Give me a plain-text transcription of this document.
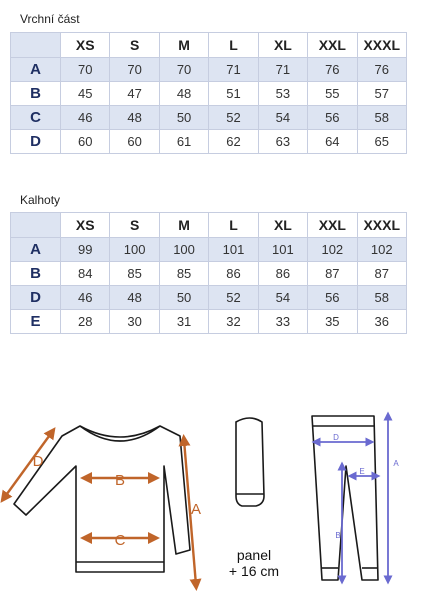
Vrchní část
	XS	S	M	L	XL	XXL	XXXL
A	70	70	70	71	71	76	76
B	45	47	48	51	53	55	57
C	46	48	50	52	54	56	58
D	60	60	61	62	63	64	65
Kalhoty
	XS	S	M	L	XL	XXL	XXXL
A	99	100	100	101	101	102	102
B	84	85	85	86	86	87	87
D	46	48	50	52	54	56	58
E	28	30	31	32	33	35	36
B
C
A
D
D
E
B
A
panel
+ 16 cm
